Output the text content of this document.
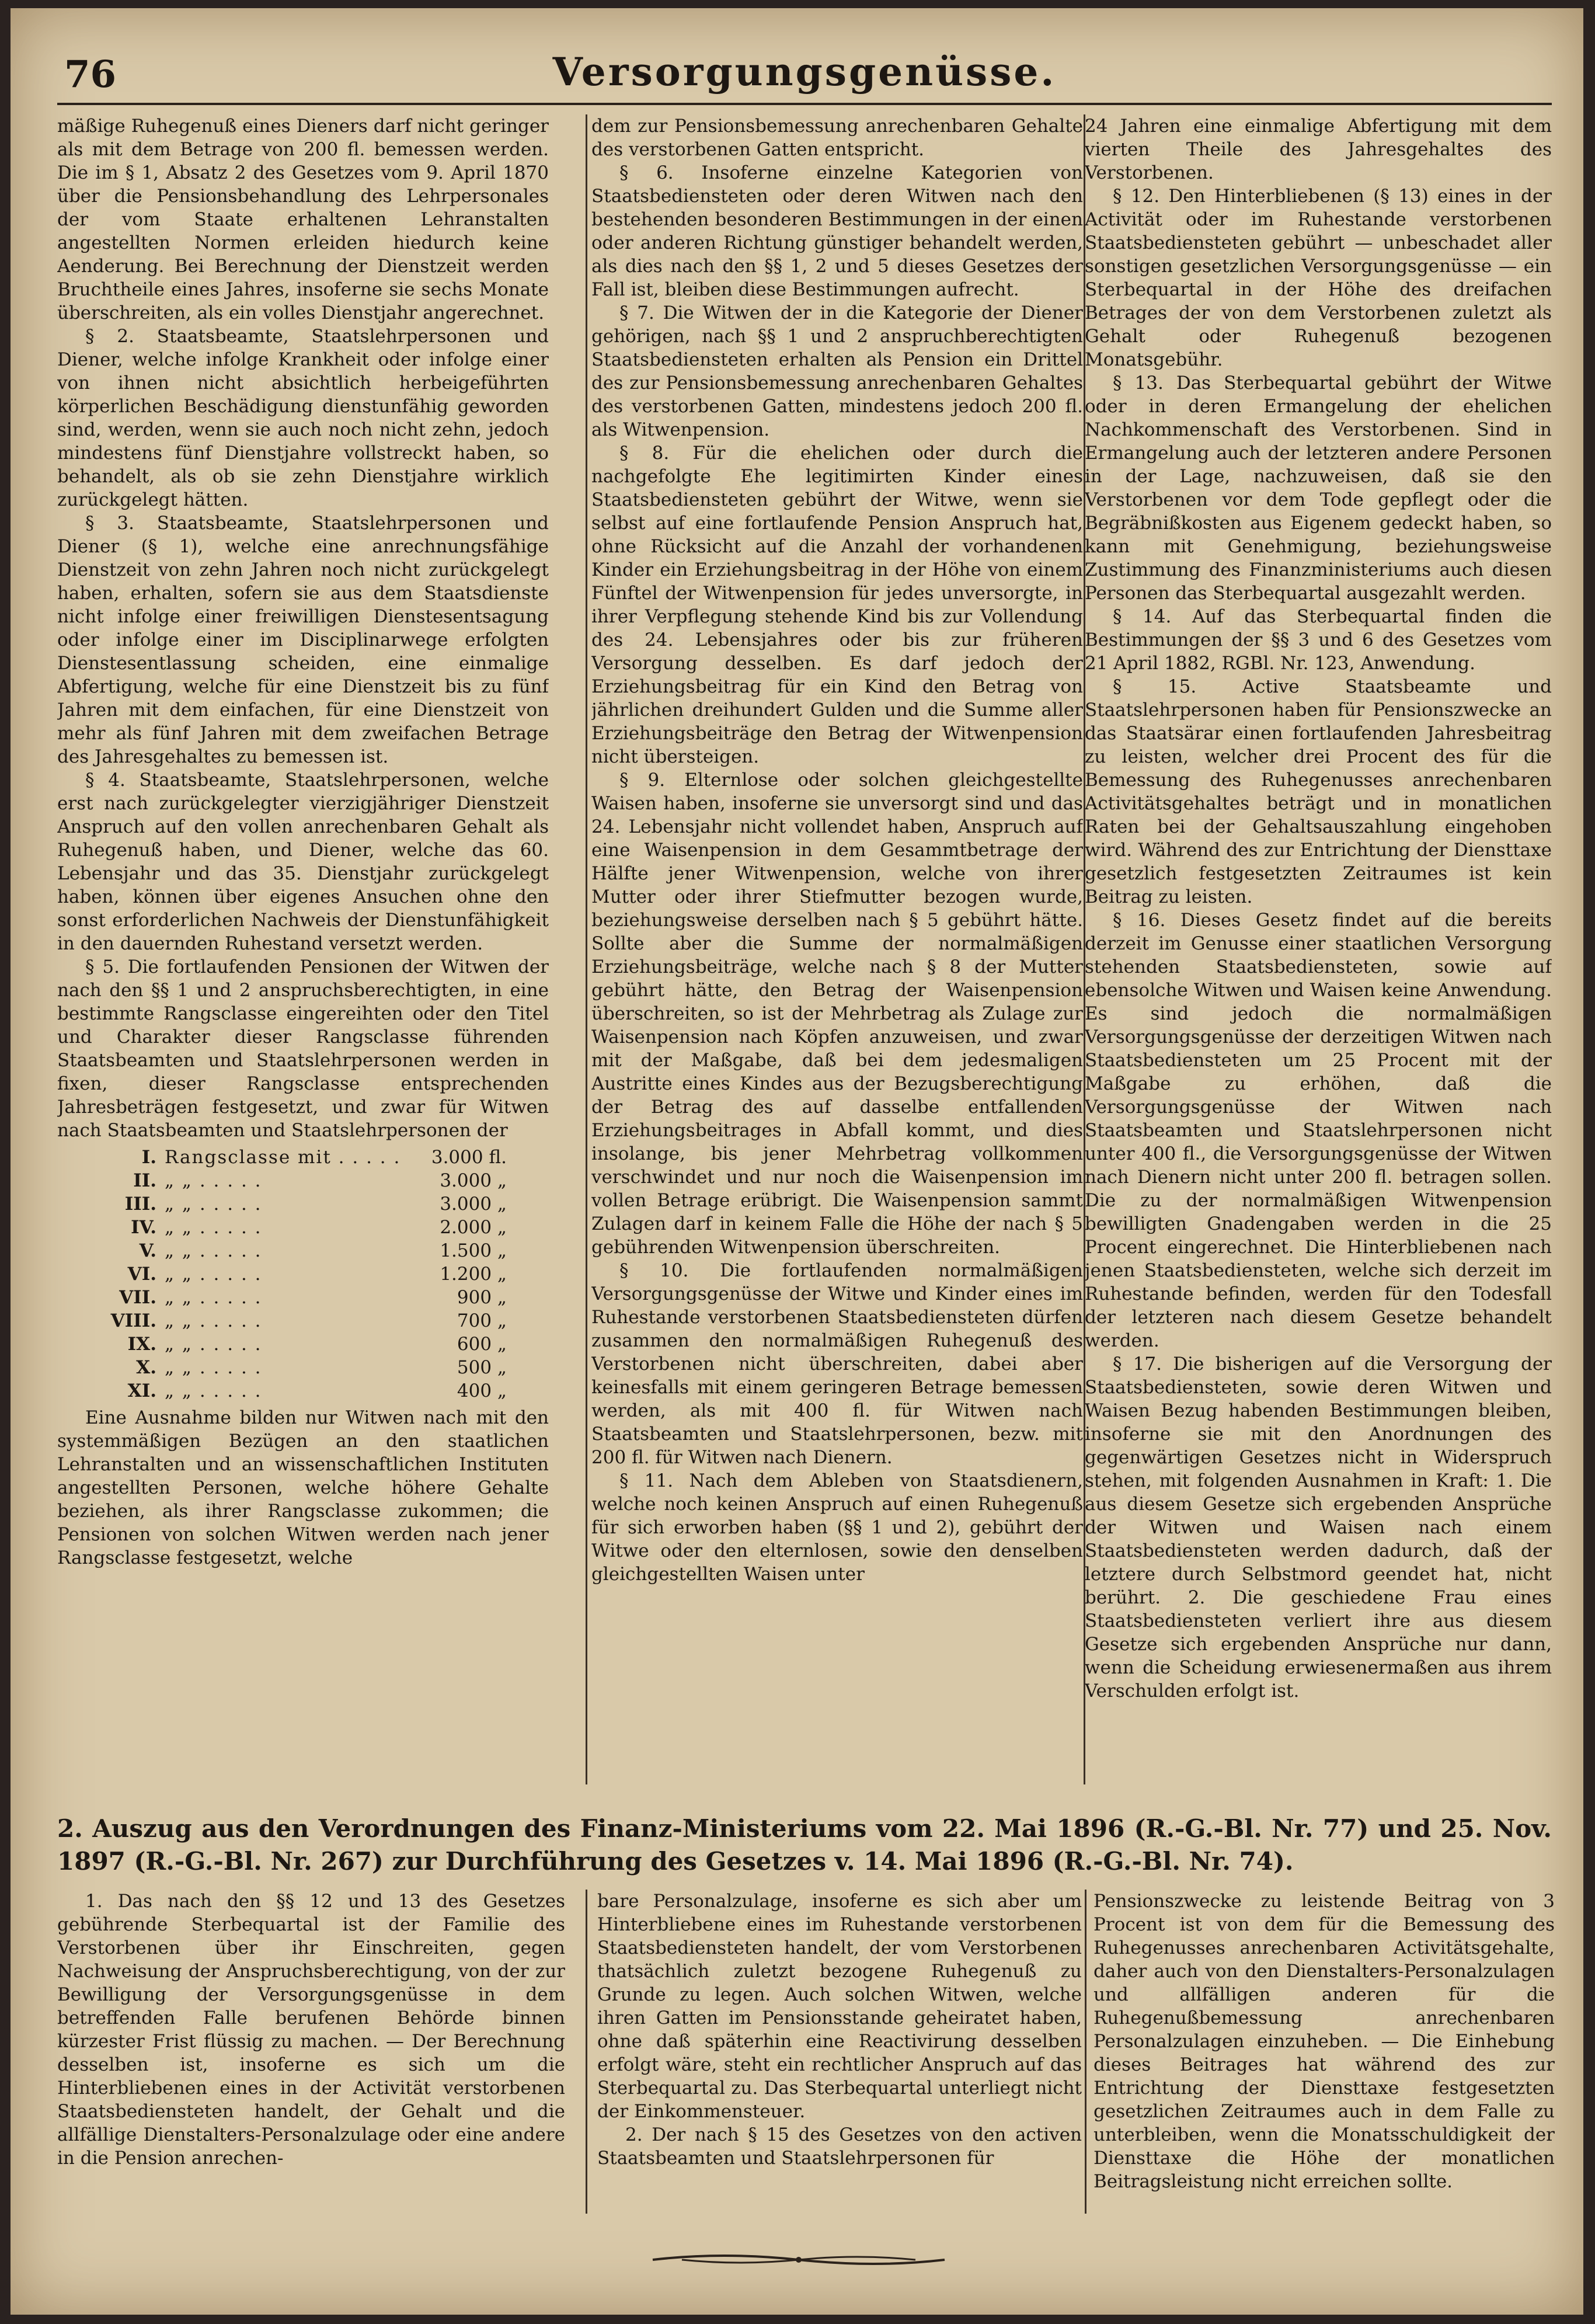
76	Versorgungsgenüsse.

mäßige Ruhegenuß eines Dieners darf nicht geringer als mit dem Betrage von 200 fl. bemessen werden. Die im § 1, Absatz 2 des Gesetzes vom 9. April 1870 über die Pensionsbehandlung des Lehrpersonales der vom Staate erhaltenen Lehranstalten angestellten Normen erleiden hiedurch keine Aenderung. Bei Berechnung der Dienstzeit werden Bruchtheile eines Jahres, insoferne sie sechs Monate überschreiten, als ein volles Dienstjahr angerechnet.

§ 2. Staatsbeamte, Staatslehrpersonen und Diener, welche infolge Krankheit oder infolge einer von ihnen nicht absichtlich herbeigeführten körperlichen Beschädigung dienstunfähig geworden sind, werden, wenn sie auch noch nicht zehn, jedoch mindestens fünf Dienstjahre vollstreckt haben, so behandelt, als ob sie zehn Dienstjahre wirklich zurückgelegt hätten.

§ 3. Staatsbeamte, Staatslehrpersonen und Diener (§ 1), welche eine anrechnungsfähige Dienstzeit von zehn Jahren noch nicht zurückgelegt haben, erhalten, sofern sie aus dem Staatsdienste nicht infolge einer freiwilligen Dienstesentsagung oder infolge einer im Disciplinarwege erfolgten Dienstesentlassung scheiden, eine einmalige Abfertigung, welche für eine Dienstzeit bis zu fünf Jahren mit dem einfachen, für eine Dienstzeit von mehr als fünf Jahren mit dem zweifachen Betrage des Jahresgehaltes zu bemessen ist.

§ 4. Staatsbeamte, Staatslehrpersonen, welche erst nach zurückgelegter vierzigjähriger Dienstzeit Anspruch auf den vollen anrechenbaren Gehalt als Ruhegenuß haben, und Diener, welche das 60. Lebensjahr und das 35. Dienstjahr zurückgelegt haben, können über eigenes Ansuchen ohne den sonst erforderlichen Nachweis der Dienstunfähigkeit in den dauernden Ruhestand versetzt werden.

§ 5. Die fortlaufenden Pensionen der Witwen der nach den §§ 1 und 2 anspruchsberechtigten, in eine bestimmte Rangsclasse eingereihten oder den Titel und Charakter dieser Rangsclasse führenden Staatsbeamten und Staatslehrpersonen werden in fixen, dieser Rangsclasse entsprechenden Jahresbeträgen festgesetzt, und zwar für Witwen nach Staatsbeamten und Staatslehrpersonen der

I.	Rangsclasse mit . . . . .	3.000 fl.
II.	„ „ . . . . .	3.000 „
III.	„ „ . . . . .	3.000 „
IV.	„ „ . . . . .	2.000 „
V.	„ „ . . . . .	1.500 „
VI.	„ „ . . . . .	1.200 „
VII.	„ „ . . . . .	900 „
VIII.	„ „ . . . . .	700 „
IX.	„ „ . . . . .	600 „
X.	„ „ . . . . .	500 „
XI.	„ „ . . . . .	400 „

Eine Ausnahme bilden nur Witwen nach mit den systemmäßigen Bezügen an den staatlichen Lehranstalten und an wissenschaftlichen Instituten angestellten Personen, welche höhere Gehalte beziehen, als ihrer Rangsclasse zukommen; die Pensionen von solchen Witwen werden nach jener Rangsclasse festgesetzt, welche

dem zur Pensionsbemessung anrechenbaren Gehalte des verstorbenen Gatten entspricht.

§ 6. Insoferne einzelne Kategorien von Staatsbediensteten oder deren Witwen nach den bestehenden besonderen Bestimmungen in der einen oder anderen Richtung günstiger behandelt werden, als dies nach den §§ 1, 2 und 5 dieses Gesetzes der Fall ist, bleiben diese Bestimmungen aufrecht.

§ 7. Die Witwen der in die Kategorie der Diener gehörigen, nach §§ 1 und 2 anspruchberechtigten Staatsbediensteten erhalten als Pension ein Drittel des zur Pensionsbemessung anrechenbaren Gehaltes des verstorbenen Gatten, mindestens jedoch 200 fl. als Witwenpension.

§ 8. Für die ehelichen oder durch die nachgefolgte Ehe legitimirten Kinder eines Staatsbediensteten gebührt der Witwe, wenn sie selbst auf eine fortlaufende Pension Anspruch hat, ohne Rücksicht auf die Anzahl der vorhandenen Kinder ein Erziehungsbeitrag in der Höhe von einem Fünftel der Witwenpension für jedes unversorgte, in ihrer Verpflegung stehende Kind bis zur Vollendung des 24. Lebensjahres oder bis zur früheren Versorgung desselben. Es darf jedoch der Erziehungsbeitrag für ein Kind den Betrag von jährlichen dreihundert Gulden und die Summe aller Erziehungsbeiträge den Betrag der Witwenpension nicht übersteigen.

§ 9. Elternlose oder solchen gleichgestellte Waisen haben, insoferne sie unversorgt sind und das 24. Lebensjahr nicht vollendet haben, Anspruch auf eine Waisenpension in dem Gesammtbetrage der Hälfte jener Witwenpension, welche von ihrer Mutter oder ihrer Stiefmutter bezogen wurde, beziehungsweise derselben nach § 5 gebührt hätte. Sollte aber die Summe der normalmäßigen Erziehungsbeiträge, welche nach § 8 der Mutter gebührt hätte, den Betrag der Waisenpension überschreiten, so ist der Mehrbetrag als Zulage zur Waisenpension nach Köpfen anzuweisen, und zwar mit der Maßgabe, daß bei dem jedesmaligen Austritte eines Kindes aus der Bezugsberechtigung der Betrag des auf dasselbe entfallenden Erziehungsbeitrages in Abfall kommt, und dies insolange, bis jener Mehrbetrag vollkommen verschwindet und nur noch die Waisenpension im vollen Betrage erübrigt. Die Waisenpension sammt Zulagen darf in keinem Falle die Höhe der nach § 5 gebührenden Witwenpension überschreiten.

§ 10. Die fortlaufenden normalmäßigen Versorgungsgenüsse der Witwe und Kinder eines im Ruhestande verstorbenen Staatsbediensteten dürfen zusammen den normalmäßigen Ruhegenuß des Verstorbenen nicht überschreiten, dabei aber keinesfalls mit einem geringeren Betrage bemessen werden, als mit 400 fl. für Witwen nach Staatsbeamten und Staatslehrpersonen, bezw. mit 200 fl. für Witwen nach Dienern.

§ 11. Nach dem Ableben von Staatsdienern, welche noch keinen Anspruch auf einen Ruhegenuß für sich erworben haben (§§ 1 und 2), gebührt der Witwe oder den elternlosen, sowie den denselben gleichgestellten Waisen unter

24 Jahren eine einmalige Abfertigung mit dem vierten Theile des Jahresgehaltes des Verstorbenen.

§ 12. Den Hinterbliebenen (§ 13) eines in der Activität oder im Ruhestande verstorbenen Staatsbediensteten gebührt — unbeschadet aller sonstigen gesetzlichen Versorgungsgenüsse — ein Sterbequartal in der Höhe des dreifachen Betrages der von dem Verstorbenen zuletzt als Gehalt oder Ruhegenuß bezogenen Monatsgebühr.

§ 13. Das Sterbequartal gebührt der Witwe oder in deren Ermangelung der ehelichen Nachkommenschaft des Verstorbenen. Sind in Ermangelung auch der letzteren andere Personen in der Lage, nachzuweisen, daß sie den Verstorbenen vor dem Tode gepflegt oder die Begräbnißkosten aus Eigenem gedeckt haben, so kann mit Genehmigung, beziehungsweise Zustimmung des Finanzministeriums auch diesen Personen das Sterbequartal ausgezahlt werden.

§ 14. Auf das Sterbequartal finden die Bestimmungen der §§ 3 und 6 des Gesetzes vom 21 April 1882, RGBl. Nr. 123, Anwendung.

§ 15. Active Staatsbeamte und Staatslehrpersonen haben für Pensionszwecke an das Staatsärar einen fortlaufenden Jahresbeitrag zu leisten, welcher drei Procent des für die Bemessung des Ruhegenusses anrechenbaren Activitätsgehaltes beträgt und in monatlichen Raten bei der Gehaltsauszahlung eingehoben wird. Während des zur Entrichtung der Diensttaxe gesetzlich festgesetzten Zeitraumes ist kein Beitrag zu leisten.

§ 16. Dieses Gesetz findet auf die bereits derzeit im Genusse einer staatlichen Versorgung stehenden Staatsbediensteten, sowie auf ebensolche Witwen und Waisen keine Anwendung. Es sind jedoch die normalmäßigen Versorgungsgenüsse der derzeitigen Witwen nach Staatsbediensteten um 25 Procent mit der Maßgabe zu erhöhen, daß die Versorgungsgenüsse der Witwen nach Staatsbeamten und Staatslehrpersonen nicht unter 400 fl., die Versorgungsgenüsse der Witwen nach Dienern nicht unter 200 fl. betragen sollen. Die zu der normalmäßigen Witwenpension bewilligten Gnadengaben werden in die 25 Procent eingerechnet. Die Hinterbliebenen nach jenen Staatsbediensteten, welche sich derzeit im Ruhestande befinden, werden für den Todesfall der letzteren nach diesem Gesetze behandelt werden.

§ 17. Die bisherigen auf die Versorgung der Staatsbediensteten, sowie deren Witwen und Waisen Bezug habenden Bestimmungen bleiben, insoferne sie mit den Anordnungen des gegenwärtigen Gesetzes nicht in Widerspruch stehen, mit folgenden Ausnahmen in Kraft: 1. Die aus diesem Gesetze sich ergebenden Ansprüche der Witwen und Waisen nach einem Staatsbediensteten werden dadurch, daß der letztere durch Selbstmord geendet hat, nicht berührt. 2. Die geschiedene Frau eines Staatsbediensteten verliert ihre aus diesem Gesetze sich ergebenden Ansprüche nur dann, wenn die Scheidung erwiesenermaßen aus ihrem Verschulden erfolgt ist.

2. Auszug aus den Verordnungen des Finanz-Ministeriums vom 22. Mai 1896 (R.-G.-Bl. Nr. 77) und 25. Nov. 1897 (R.-G.-Bl. Nr. 267) zur Durchführung des Gesetzes v. 14. Mai 1896 (R.-G.-Bl. Nr. 74).

1. Das nach den §§ 12 und 13 des Gesetzes gebührende Sterbequartal ist der Familie des Verstorbenen über ihr Einschreiten, gegen Nachweisung der Anspruchsberechtigung, von der zur Bewilligung der Versorgungsgenüsse in dem betreffenden Falle berufenen Behörde binnen kürzester Frist flüssig zu machen. — Der Berechnung desselben ist, insoferne es sich um die Hinterbliebenen eines in der Activität verstorbenen Staatsbediensteten handelt, der Gehalt und die allfällige Dienstalters-Personalzulage oder eine andere in die Pension anrechen-

bare Personalzulage, insoferne es sich aber um Hinterbliebene eines im Ruhestande verstorbenen Staatsbediensteten handelt, der vom Verstorbenen thatsächlich zuletzt bezogene Ruhegenuß zu Grunde zu legen. Auch solchen Witwen, welche ihren Gatten im Pensionsstande geheiratet haben, ohne daß späterhin eine Reactivirung desselben erfolgt wäre, steht ein rechtlicher Anspruch auf das Sterbequartal zu. Das Sterbequartal unterliegt nicht der Einkommensteuer.

2. Der nach § 15 des Gesetzes von den activen Staatsbeamten und Staatslehrpersonen für

Pensionszwecke zu leistende Beitrag von 3 Procent ist von dem für die Bemessung des Ruhegenusses anrechenbaren Activitätsgehalte, daher auch von den Dienstalters-Personalzulagen und allfälligen anderen für die Ruhegenußbemessung anrechenbaren Personalzulagen einzuheben. — Die Einhebung dieses Beitrages hat während des zur Entrichtung der Diensttaxe festgesetzten gesetzlichen Zeitraumes auch in dem Falle zu unterbleiben, wenn die Monatsschuldigkeit der Diensttaxe die Höhe der monatlichen Beitragsleistung nicht erreichen sollte.
